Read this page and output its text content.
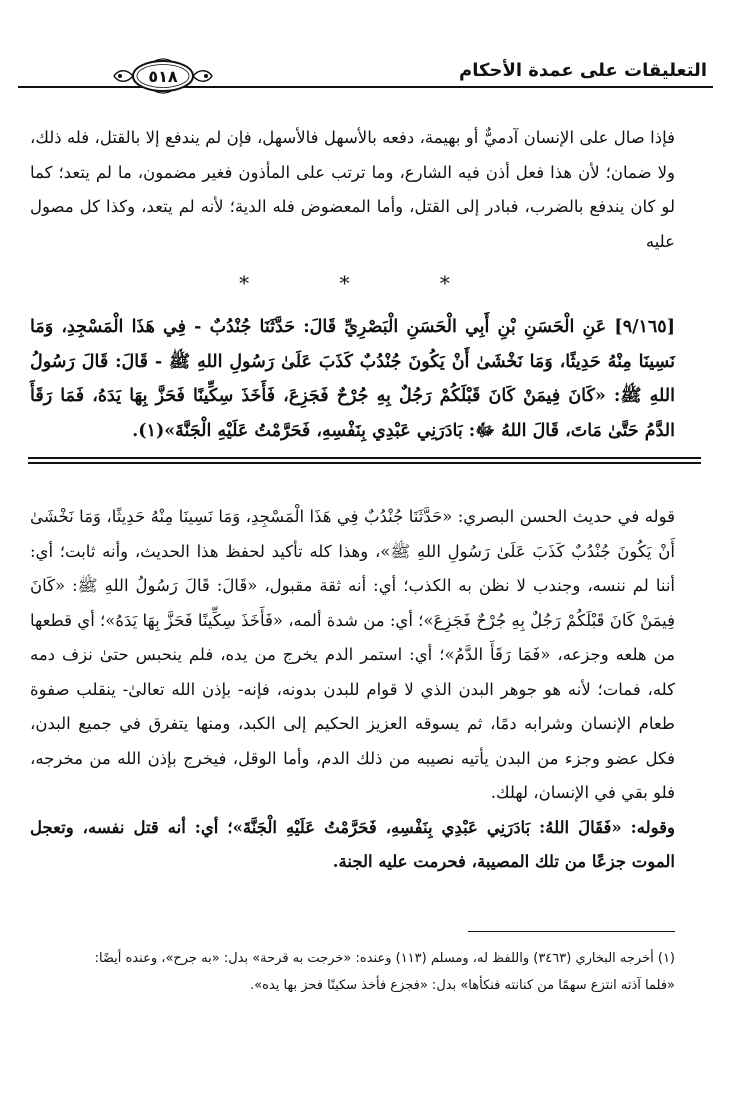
التعليقات على عمدة الأحكام
٥١٨

فإذا صال على الإنسان آدميٌّ أو بهيمة، دفعه بالأسهل فالأسهل، فإن لم يندفع إلا بالقتل، فله ذلك، ولا ضمان؛ لأن هذا فعل أذن فيه الشارع، وما ترتب على المأذون فغير مضمون، ما لم يتعد؛ كما لو كان يندفع بالضرب، فبادر إلى القتل، وأما المعضوض فله الدية؛ لأنه لم يتعد، وكذا كل مصول عليه

* * *

[٩/١٦٥] عَنِ الْحَسَنِ بْنِ أَبِي الْحَسَنِ الْبَصْرِيِّ قَالَ: حَدَّثَنَا جُنْدُبٌ - فِي هَذَا الْمَسْجِدِ، وَمَا نَسِينَا مِنْهُ حَدِيثًا، وَمَا نَخْشَىٰ أَنْ يَكُونَ جُنْدُبٌ كَذَبَ عَلَىٰ رَسُولِ اللهِ ﷺ - قَالَ: قَالَ رَسُولُ اللهِ ﷺ: «كَانَ فِيمَنْ كَانَ قَبْلَكُمْ رَجُلٌ بِهِ جُرْحٌ فَجَزِعَ، فَأَخَذَ سِكِّينًا فَحَزَّ بِهَا يَدَهُ، فَمَا رَقَأَ الدَّمُ حَتَّىٰ مَاتَ، قَالَ اللهُ ﷻ: بَادَرَنِي عَبْدِي بِنَفْسِهِ، فَحَرَّمْتُ عَلَيْهِ الْجَنَّةَ»(١).

قوله في حديث الحسن البصري: «حَدَّثَنَا جُنْدُبٌ فِي هَذَا الْمَسْجِدِ، وَمَا نَسِينَا مِنْهُ حَدِيثًا، وَمَا نَخْشَىٰ أَنْ يَكُونَ جُنْدُبٌ كَذَبَ عَلَىٰ رَسُولِ اللهِ ﷺ»، وهذا كله تأكيد لحفظ هذا الحديث، وأنه ثابت؛ أي: أننا لم ننسه، وجندب لا نظن به الكذب؛ أي: أنه ثقة مقبول، «قَالَ: قَالَ رَسُولُ اللهِ ﷺ: «كَانَ فِيمَنْ كَانَ قَبْلَكُمْ رَجُلٌ بِهِ جُرْحٌ فَجَزِعَ»؛ أي: من شدة ألمه، «فَأَخَذَ سِكِّينًا فَحَزَّ بِهَا يَدَهُ»؛ أي قطعها من هلعه وجزعه، «فَمَا رَقَأَ الدَّمُ»؛ أي: استمر الدم يخرج من يده، فلم ينحبس حتىٰ نزف دمه كله، فمات؛ لأنه هو جوهر البدن الذي لا قوام للبدن بدونه، فإنه- بإذن الله تعالىٰ- ينقلب صفوة طعام الإنسان وشرابه دمًا، ثم يسوقه العزيز الحكيم إلى الكبد، ومنها يتفرق في جميع البدن، فكل عضو وجزء من البدن يأتيه نصيبه من ذلك الدم، وأما الوقل، فيخرج بإذن الله من مخرجه، فلو بقي في الإنسان، لهلك.

وقوله: «فَقَالَ اللهُ: بَادَرَنِي عَبْدِي بِنَفْسِهِ، فَحَرَّمْتُ عَلَيْهِ الْجَنَّةَ»؛ أي: أنه قتل نفسه، وتعجل الموت جزعًا من تلك المصيبة، فحرمت عليه الجنة.

(١) أخرجه البخاري (٣٤٦٣) واللفظ له، ومسلم (١١٣) وعنده: «خرجت به قرحة» بدل: «به جرح»، وعنده أيضًا:

«فلما آذته انتزع سهمًا من كنانته فنكأها» بدل: «فجزع فأخذ سكينًا فحز بها يده».
